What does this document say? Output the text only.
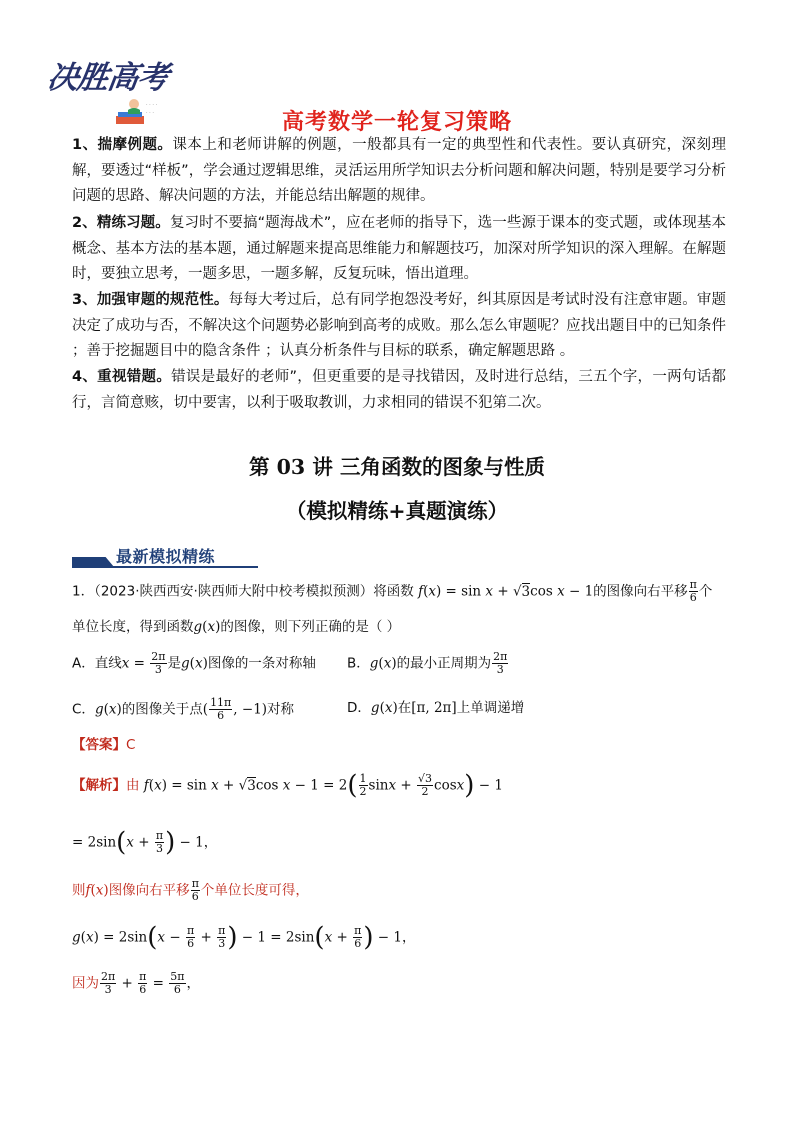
决胜高考
· · · ·
· · ·	高考数学一轮复习策略
1、揣摩例题。课本上和老师讲解的例题，一般都具有一定的典型性和代表性。要认真研究，深刻理解，要透过“样板”，学会通过逻辑思维，灵活运用所学知识去分析问题和解决问题，特别是要学习分析问题的思路、解决问题的方法，并能总结出解题的规律。
2、精练习题。复习时不要搞“题海战术”，应在老师的指导下，选一些源于课本的变式题，或体现基本概念、基本方法的基本题，通过解题来提高思维能力和解题技巧，加深对所学知识的深入理解。在解题时，要独立思考，一题多思，一题多解，反复玩味，悟出道理。
3、加强审题的规范性。每每大考过后，总有同学抱怨没考好，纠其原因是考试时没有注意审题。审题决定了成功与否，不解决这个问题势必影响到高考的成败。那么怎么审题呢？应找出题目中的已知条件 ；善于挖掘题目中的隐含条件 ；认真分析条件与目标的联系，确定解题思路 。
4、重视错题。错误是最好的老师”，但更重要的是寻找错因，及时进行总结，三五个字，一两句话都行，言简意赅，切中要害，以利于吸取教训，力求相同的错误不犯第二次。
第 03 讲 三角函数的图象与性质
（模拟精练+真题演练）
最新模拟精练
1．（2023·陕西西安·陕西师大附中校考模拟预测）将函数 f(x) = sin x + √3cos x − 1的图像向右平移 $\frac{\pi}{6}$ 个
单位长度，得到函数g(x)的图像，则下列正确的是（ ）
A．直线$x = \frac{2\pi}{3}$ 是g(x)图像的一条对称轴 B．g(x)的最小正周期为 $\frac{2\pi}{3}$
C．g(x)的图像关于点( $\frac{11\pi}{6}$ , −1)对称	D．g(x)在[π, 2π]上单调递增
【答案】C
【解析】由 f(x) = sin x + √3cos $x - 1 = 2( \frac{1}{2}$ $\sin x + \frac{√3}{2} \cos x) - 1$
= $2\sin(x + \frac{\pi}{3}$ ) − 1，
则f(x)图像向右平移 $\frac{\pi}{6}$ 个单位长度可得，
$g(x) = 2\sin(x - \frac{\pi}{6} + \frac{\pi}{3}$ ) − $1 = 2\sin(x + \frac{\pi}{6}$ ) − 1，
因为 $\frac{2\pi}{3} + \frac{\pi}{6} = \frac{5\pi}{6}$ ，
